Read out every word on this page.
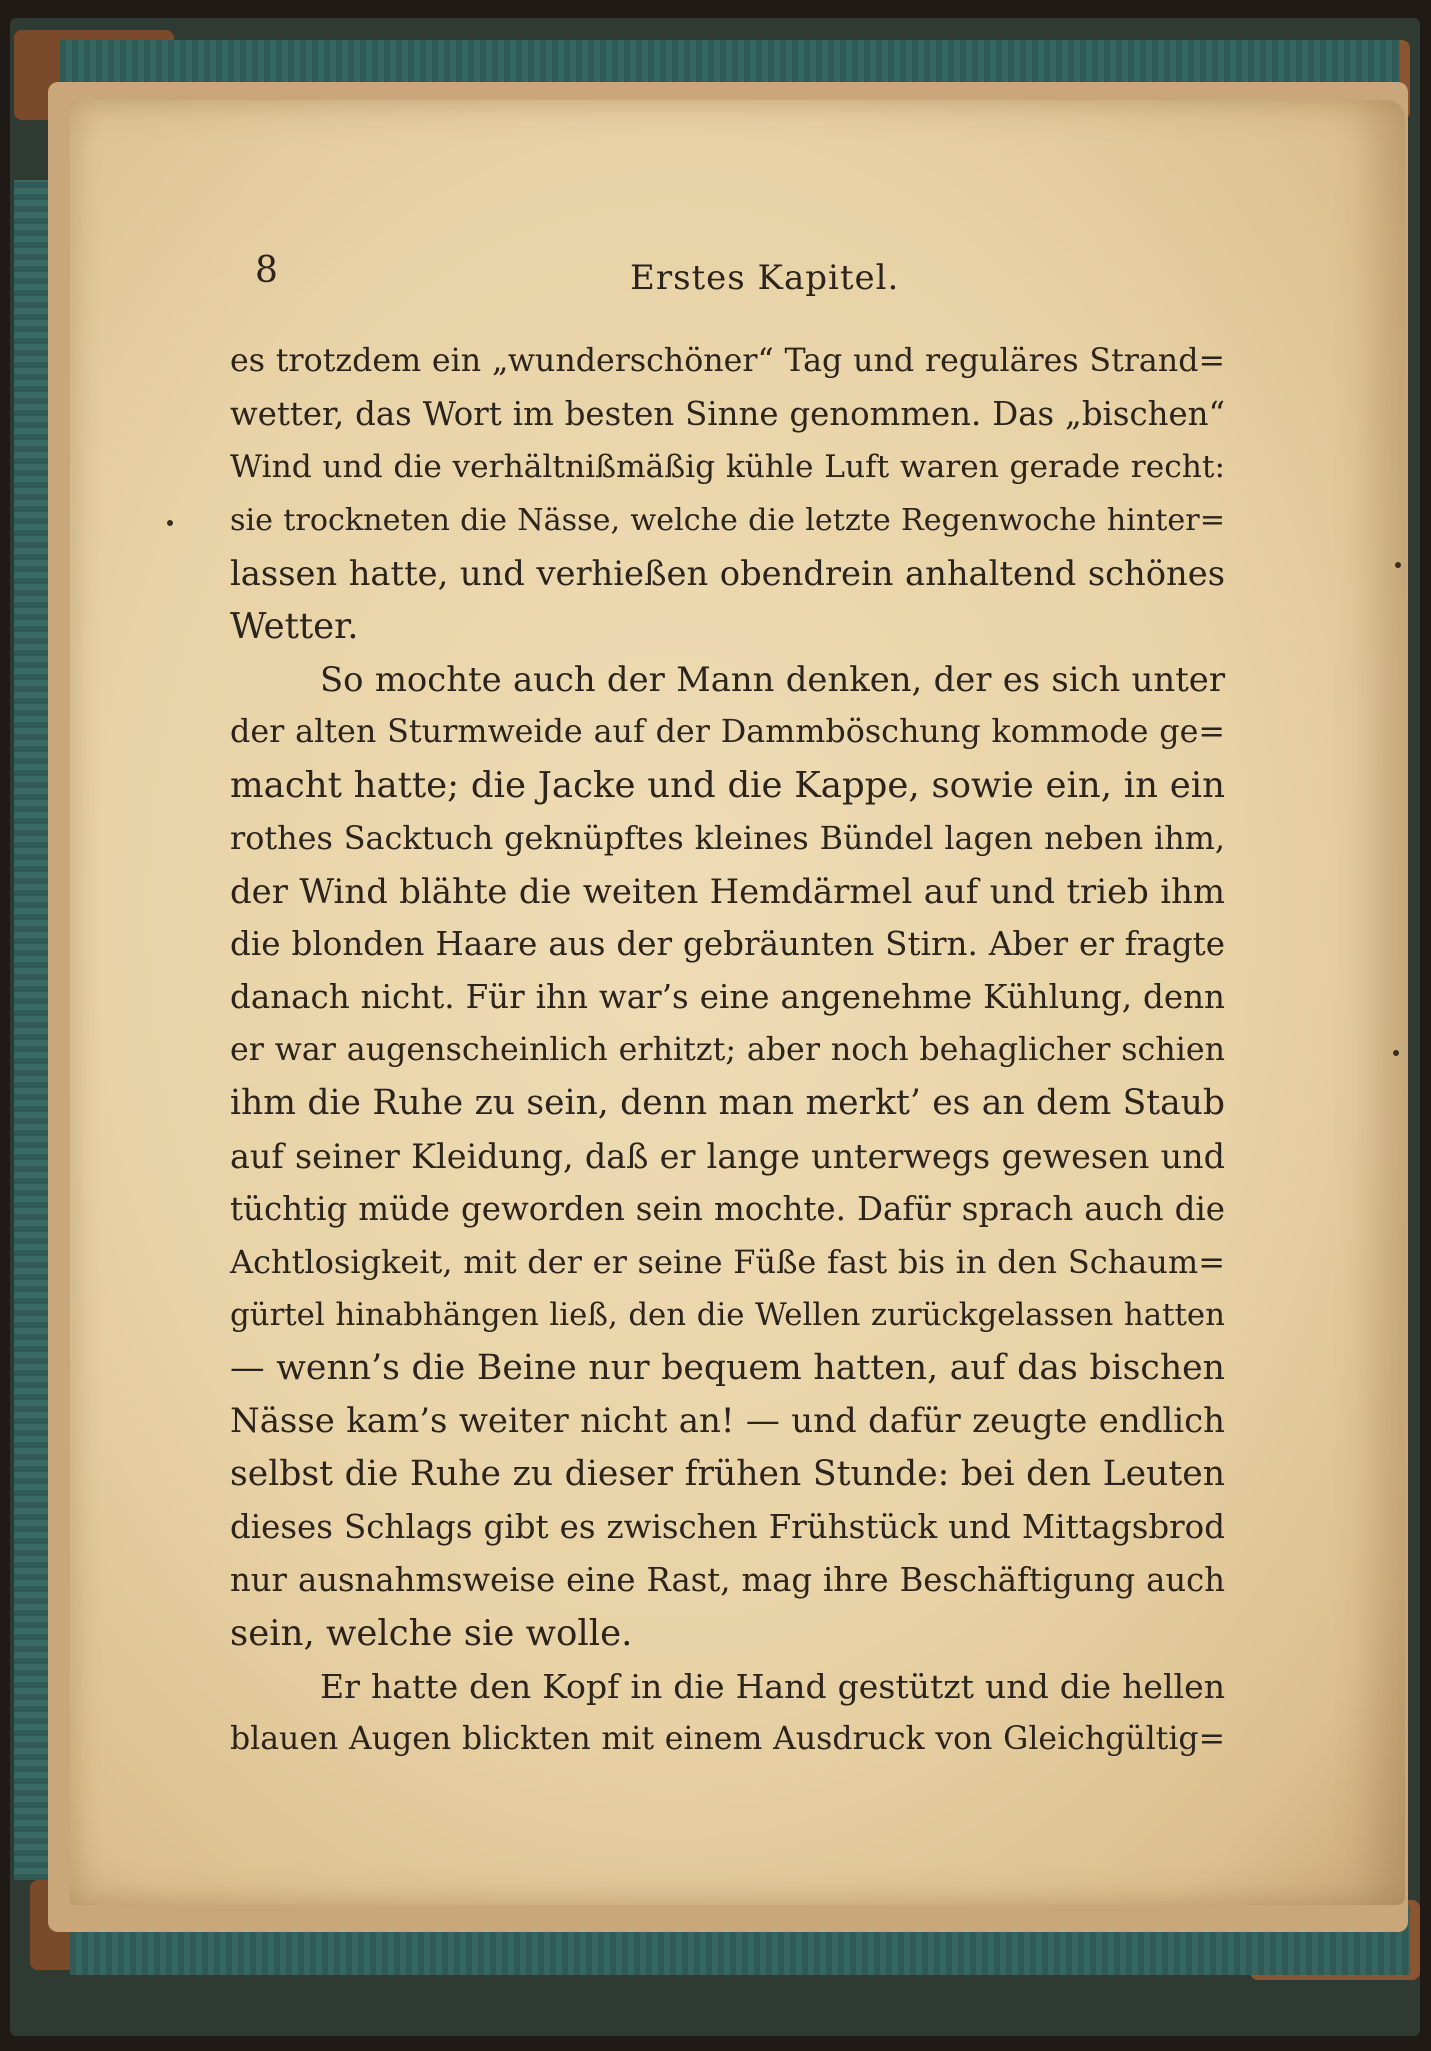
8	Erstes Kapitel.
es trotzdem ein „wunderschöner“ Tag und reguläres Strand=
wetter, das Wort im besten Sinne genommen. Das „bischen“
Wind und die verhältnißmäßig kühle Luft waren gerade recht:
sie trockneten die Nässe, welche die letzte Regenwoche hinter=
lassen hatte, und verhießen obendrein anhaltend schönes
Wetter.
So mochte auch der Mann denken, der es sich unter
der alten Sturmweide auf der Dammböschung kommode ge=
macht hatte; die Jacke und die Kappe, sowie ein, in ein
rothes Sacktuch geknüpftes kleines Bündel lagen neben ihm,
der Wind blähte die weiten Hemdärmel auf und trieb ihm
die blonden Haare aus der gebräunten Stirn. Aber er fragte
danach nicht. Für ihn war’s eine angenehme Kühlung, denn
er war augenscheinlich erhitzt; aber noch behaglicher schien
ihm die Ruhe zu sein, denn man merkt’ es an dem Staub
auf seiner Kleidung, daß er lange unterwegs gewesen und
tüchtig müde geworden sein mochte. Dafür sprach auch die
Achtlosigkeit, mit der er seine Füße fast bis in den Schaum=
gürtel hinabhängen ließ, den die Wellen zurückgelassen hatten
— wenn’s die Beine nur bequem hatten, auf das bischen
Nässe kam’s weiter nicht an! — und dafür zeugte endlich
selbst die Ruhe zu dieser frühen Stunde: bei den Leuten
dieses Schlags gibt es zwischen Frühstück und Mittagsbrod
nur ausnahmsweise eine Rast, mag ihre Beschäftigung auch
sein, welche sie wolle.
Er hatte den Kopf in die Hand gestützt und die hellen
blauen Augen blickten mit einem Ausdruck von Gleichgültig=
